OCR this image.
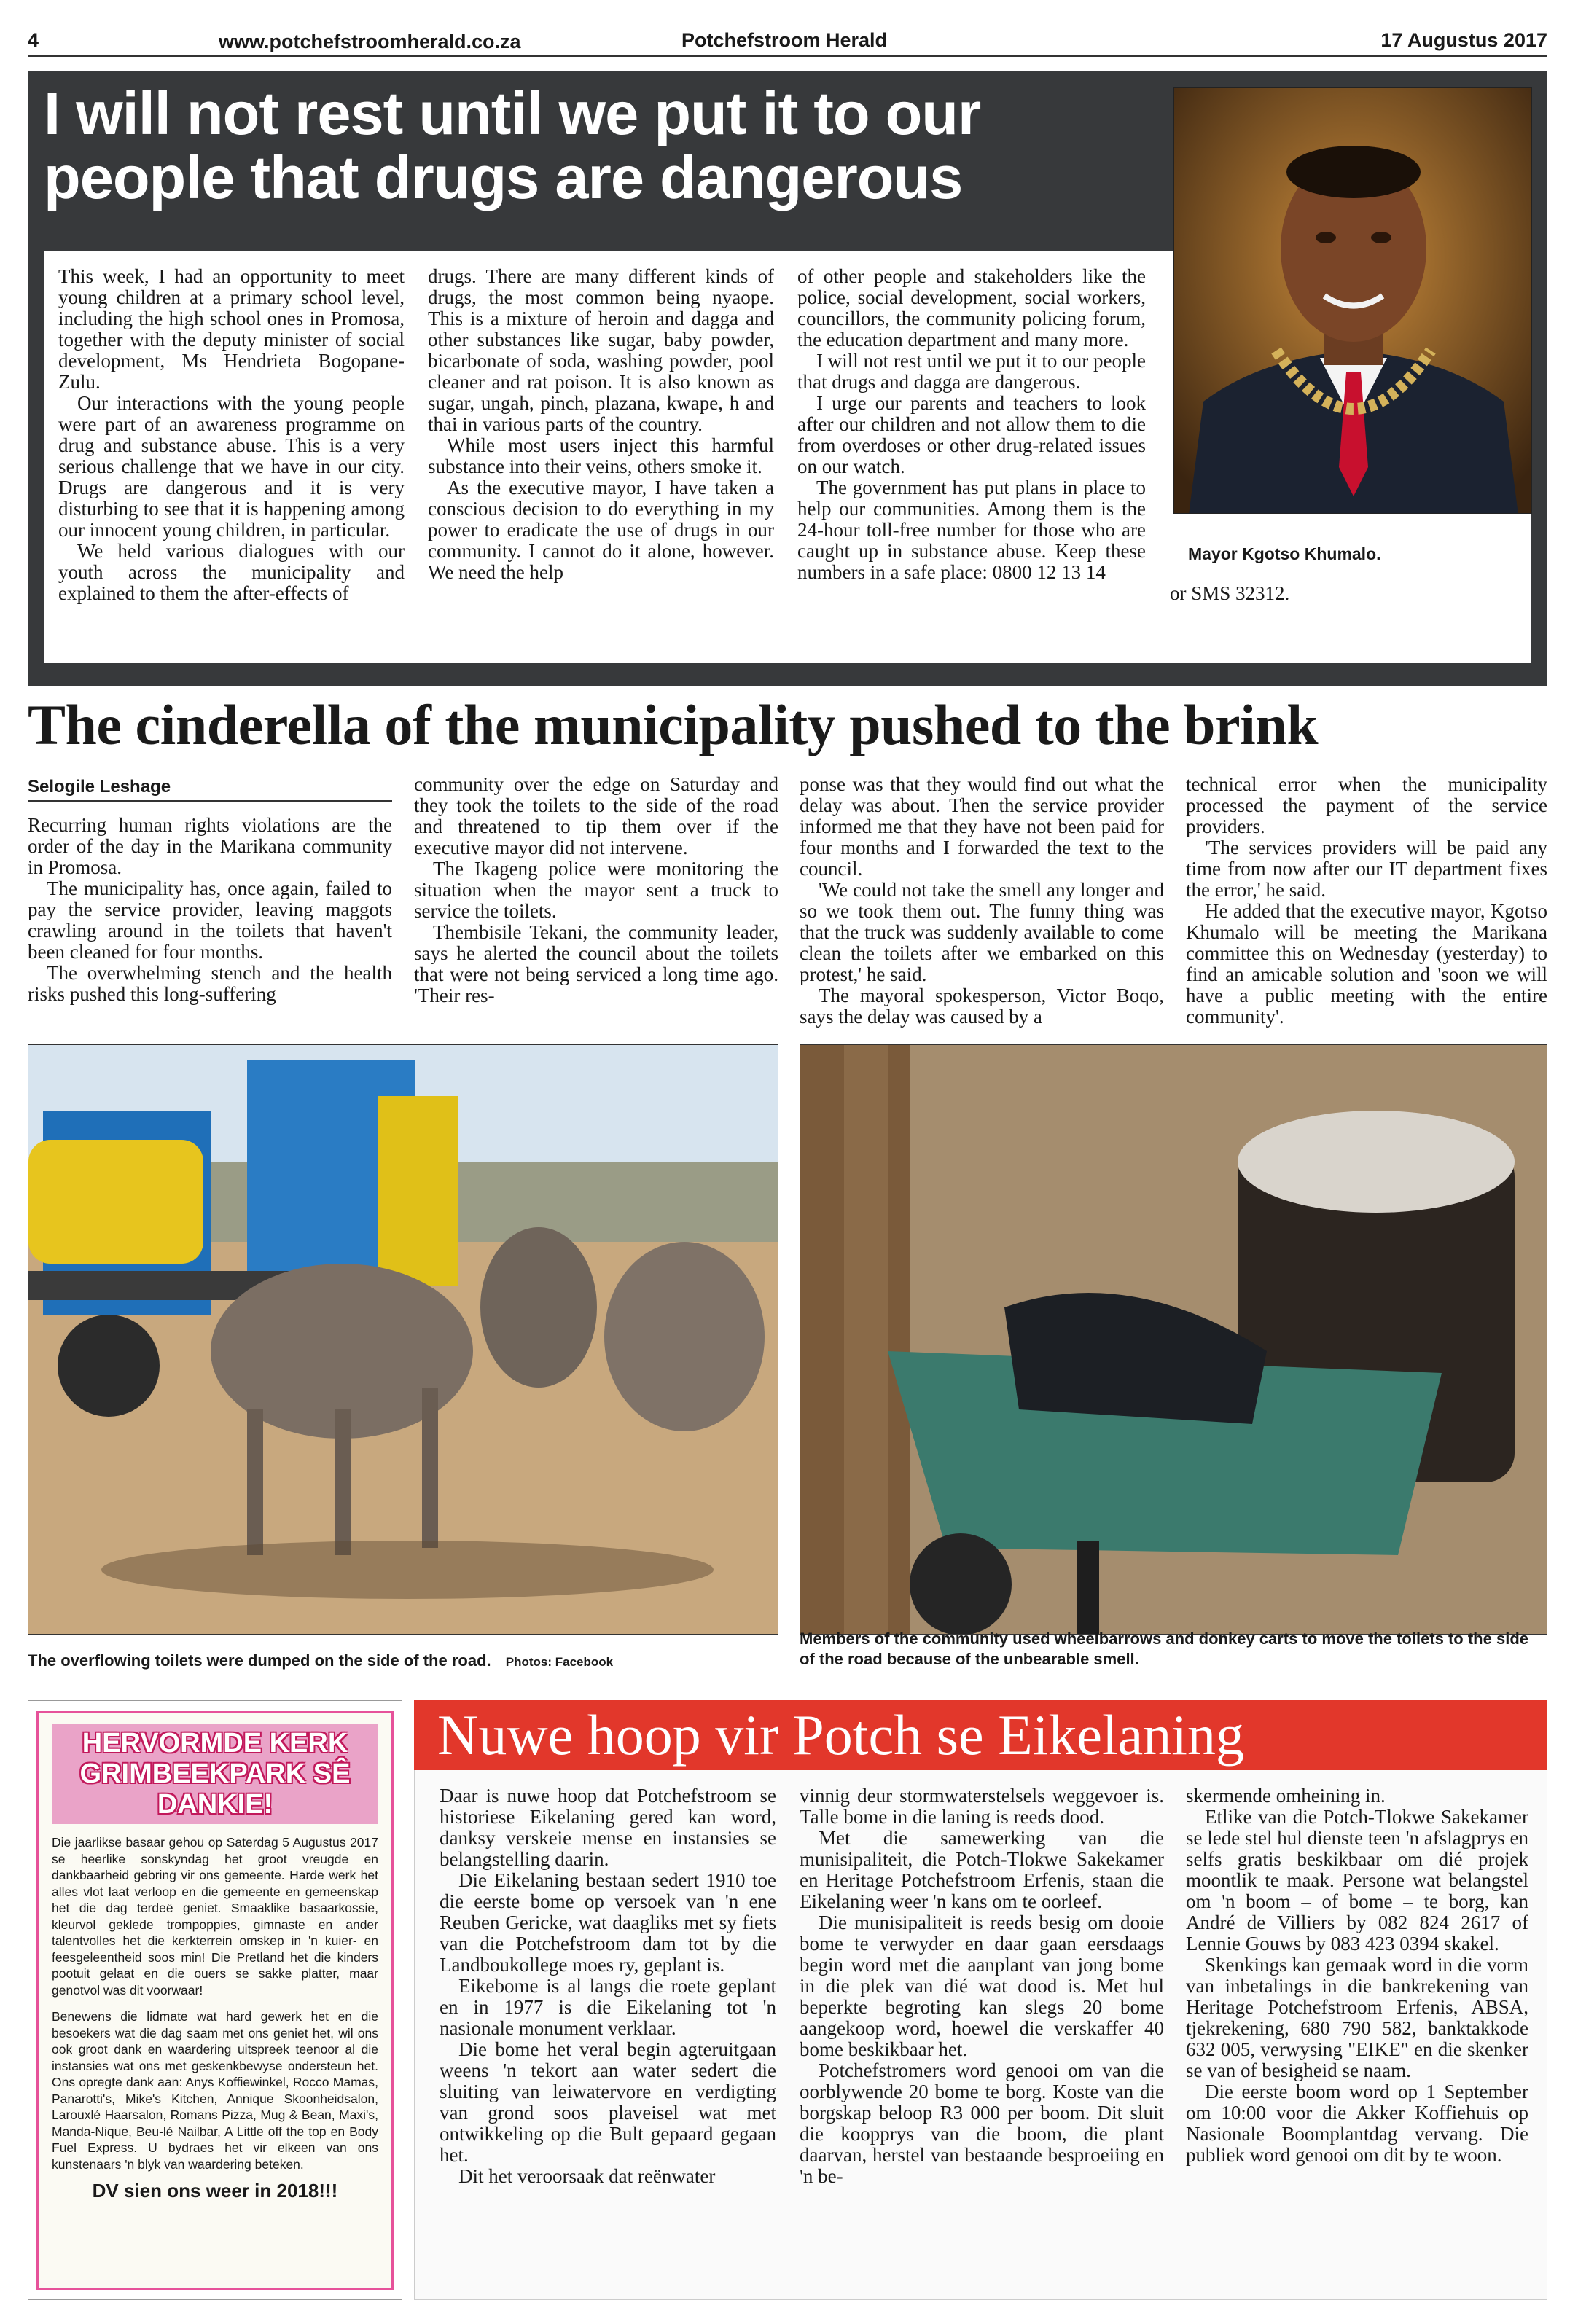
4	www.potchefstroomherald.co.za	Potchefstroom Herald	17 Augustus 2017
I will not rest until we put it to our people that drugs are dangerous

This week, I had an opportunity to meet young children at a primary school level, including the high school ones in Promosa, together with the deputy minister of social development, Ms Hendrieta Bogopane-Zulu.

Our interactions with the young people were part of an awareness programme on drug and substance abuse. This is a very serious challenge that we have in our city. Drugs are dangerous and it is very disturbing to see that it is happening among our innocent young children, in particular.

We held various dialogues with our youth across the municipality and explained to them the after-effects of

drugs. There are many different kinds of drugs, the most common being nyaope. This is a mixture of heroin and dagga and other substances like sugar, baby powder, bicarbonate of soda, washing powder, pool cleaner and rat poison. It is also known as sugar, ungah, pinch, plazana, kwape, h and thai in various parts of the country.

While most users inject this harmful substance into their veins, others smoke it.

As the executive mayor, I have taken a conscious decision to do everything in my power to eradicate the use of drugs in our community. I cannot do it alone, however. We need the help

of other people and stakeholders like the police, social development, social workers, councillors, the community policing forum, the education department and many more.

I will not rest until we put it to our people that drugs and dagga are dangerous.

I urge our parents and teachers to look after our children and not allow them to die from overdoses or other drug-related issues on our watch.

The government has put plans in place to help our communities. Among them is the 24-hour toll-free number for those who are caught up in substance abuse. Keep these numbers in a safe place: 0800 12 13 14

Mayor Kgotso Khumalo.
or SMS 32312.
The cinderella of the municipality pushed to the brink
Selogile Leshage

Recurring human rights violations are the order of the day in the Marikana community in Promosa.

The municipality has, once again, failed to pay the service provider, leaving maggots crawling around in the toilets that haven't been cleaned for four months.

The overwhelming stench and the health risks pushed this long-suffering

community over the edge on Saturday and they took the toilets to the side of the road and threatened to tip them over if the executive mayor did not intervene.

The Ikageng police were monitoring the situation when the mayor sent a truck to service the toilets.

Thembisile Tekani, the community leader, says he alerted the council about the toilets that were not being serviced a long time ago. 'Their res-

ponse was that they would find out what the delay was about. Then the service provider informed me that they have not been paid for four months and I forwarded the text to the council.

'We could not take the smell any longer and so we took them out. The funny thing was that the truck was suddenly available to come clean the toilets after we embarked on this protest,' he said.

The mayoral spokesperson, Victor Boqo, says the delay was caused by a

technical error when the municipality processed the payment of the service providers.

'The services providers will be paid any time from now after our IT department fixes the error,' he said.

He added that the executive mayor, Kgotso Khumalo will be meeting the Marikana committee this on Wednesday (yesterday) to find an amicable solution and 'soon we will have a public meeting with the entire community'.

The overflowing toilets were dumped on the side of the road. Photos: Facebook
Members of the community used wheelbarrows and donkey carts to move the toilets to the side of the road because of the unbearable smell.
HERVORMDE KERK GRIMBEEKPARK SÊ DANKIE!

Die jaarlikse basaar gehou op Saterdag 5 Augustus 2017 se heerlike sonskyndag het groot vreugde en dankbaarheid gebring vir ons gemeente. Harde werk het alles vlot laat verloop en die gemeente en gemeenskap het die dag terdeë geniet. Smaaklike basaarkossie, kleurvol geklede trompoppies, gimnaste en ander talentvolles het die kerkterrein omskep in 'n kuier- en feesgeleentheid soos min! Die Pretland het die kinders pootuit gelaat en die ouers se sakke platter, maar genotvol was dit voorwaar!

Benewens die lidmate wat hard gewerk het en die besoekers wat die dag saam met ons geniet het, wil ons ook groot dank en waardering uitspreek teenoor al die instansies wat ons met geskenkbewyse ondersteun het. Ons opregte dank aan: Anys Koffiewinkel, Rocco Mamas, Panarotti's, Mike's Kitchen, Annique Skoonheidsalon, Larouxlé Haarsalon, Romans Pizza, Mug & Bean, Maxi's, Manda-Nique, Beu-lé Nailbar, A Little off the top en Body Fuel Express. U bydraes het vir elkeen van ons kunstenaars 'n blyk van waardering beteken.

DV sien ons weer in 2018!!!
Nuwe hoop vir Potch se Eikelaning

Daar is nuwe hoop dat Potchefstroom se historiese Eikelaning gered kan word, danksy verskeie mense en instansies se belangstelling daarin.

Die Eikelaning bestaan sedert 1910 toe die eerste bome op versoek van 'n ene Reuben Gericke, wat daagliks met sy fiets van die Potchefstroom dam tot by die Landboukollege moes ry, geplant is.

Eikebome is al langs die roete geplant en in 1977 is die Eikelaning tot 'n nasionale monument verklaar.

Die bome het veral begin agteruitgaan weens 'n tekort aan water sedert die sluiting van leiwatervore en verdigting van grond soos plaveisel wat met ontwikkeling op die Bult gepaard gegaan het.

Dit het veroorsaak dat reënwater

vinnig deur stormwaterstelsels weggevoer is. Talle bome in die laning is reeds dood.

Met die samewerking van die munisipaliteit, die Potch-Tlokwe Sakekamer en Heritage Potchefstroom Erfenis, staan die Eikelaning weer 'n kans om te oorleef.

Die munisipaliteit is reeds besig om dooie bome te verwyder en daar gaan eersdaags begin word met die aanplant van jong bome in die plek van dié wat dood is. Met hul beperkte begroting kan slegs 20 bome aangekoop word, hoewel die verskaffer 40 bome beskikbaar het.

Potchefstromers word genooi om van die oorblywende 20 bome te borg. Koste van die borgskap beloop R3 000 per boom. Dit sluit die koopprys van die boom, die plant daarvan, herstel van bestaande besproeiing en 'n be-

skermende omheining in.

Etlike van die Potch-Tlokwe Sakekamer se lede stel hul dienste teen 'n afslagprys en selfs gratis beskikbaar om dié projek moontlik te maak. Persone wat belangstel om 'n boom – of bome – te borg, kan André de Villiers by 082 824 2617 of Lennie Gouws by 083 423 0394 skakel.

Skenkings kan gemaak word in die vorm van inbetalings in die bankrekening van Heritage Potchefstroom Erfenis, ABSA, tjekrekening, 680 790 582, banktakkode 632 005, verwysing "EIKE" en die skenker se van of besigheid se naam.

Die eerste boom word op 1 September om 10:00 voor die Akker Koffiehuis op Nasionale Boomplantdag vervang. Die publiek word genooi om dit by te woon.
